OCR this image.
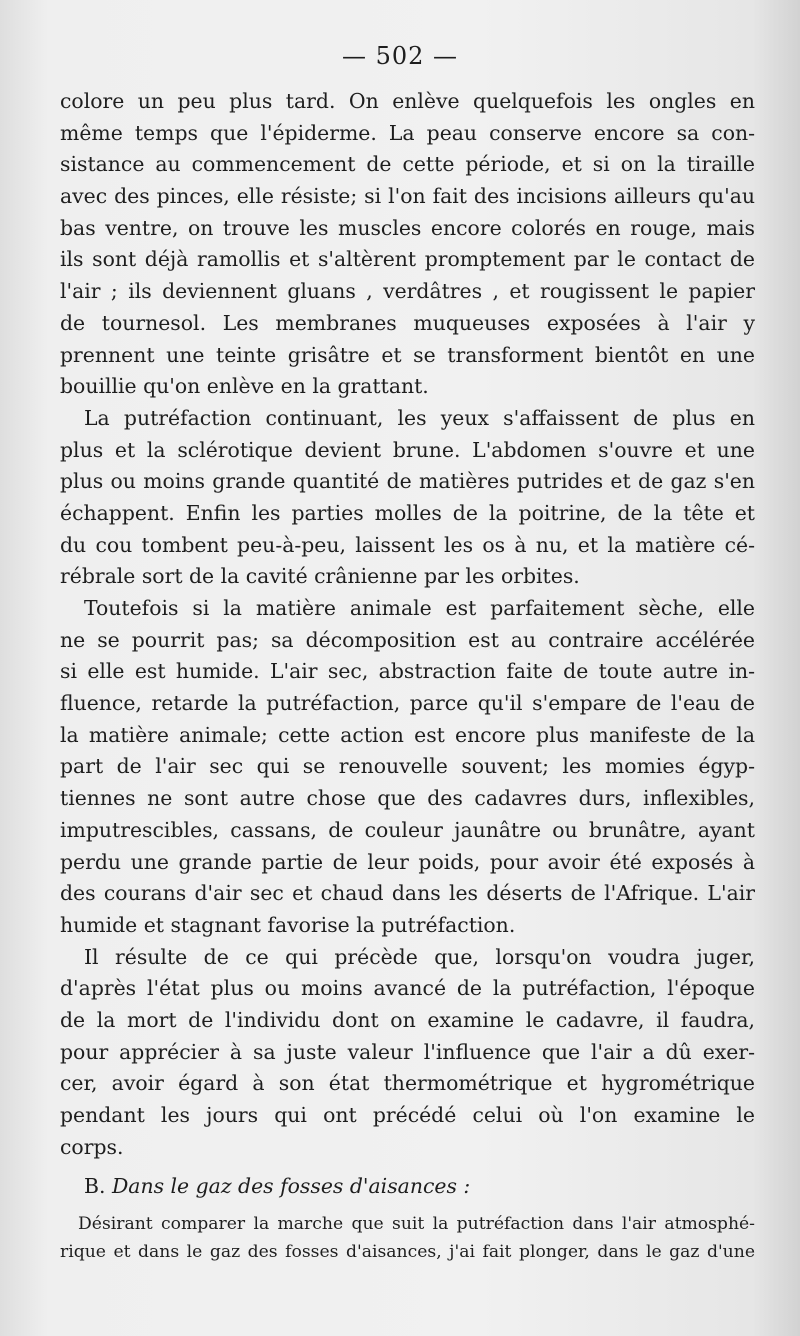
— 502 —
colore un peu plus tard. On enlève quelquefois les ongles en
même temps que l'épiderme. La peau conserve encore sa con-
sistance au commencement de cette période, et si on la tiraille
avec des pinces, elle résiste; si l'on fait des incisions ailleurs qu'au
bas ventre, on trouve les muscles encore colorés en rouge, mais
ils sont déjà ramollis et s'altèrent promptement par le contact de
l'air ; ils deviennent gluans , verdâtres , et rougissent le papier
de tournesol. Les membranes muqueuses exposées à l'air y
prennent une teinte grisâtre et se transforment bientôt en une
bouillie qu'on enlève en la grattant.
La putréfaction continuant, les yeux s'affaissent de plus en
plus et la sclérotique devient brune. L'abdomen s'ouvre et une
plus ou moins grande quantité de matières putrides et de gaz s'en
échappent. Enfin les parties molles de la poitrine, de la tête et
du cou tombent peu-à-peu, laissent les os à nu, et la matière cé-
rébrale sort de la cavité crânienne par les orbites.
Toutefois si la matière animale est parfaitement sèche, elle
ne se pourrit pas; sa décomposition est au contraire accélérée
si elle est humide. L'air sec, abstraction faite de toute autre in-
fluence, retarde la putréfaction, parce qu'il s'empare de l'eau de
la matière animale; cette action est encore plus manifeste de la
part de l'air sec qui se renouvelle souvent; les momies égyp-
tiennes ne sont autre chose que des cadavres durs, inflexibles,
imputrescibles, cassans, de couleur jaunâtre ou brunâtre, ayant
perdu une grande partie de leur poids, pour avoir été exposés à
des courans d'air sec et chaud dans les déserts de l'Afrique. L'air
humide et stagnant favorise la putréfaction.
Il résulte de ce qui précède que, lorsqu'on voudra juger,
d'après l'état plus ou moins avancé de la putréfaction, l'époque
de la mort de l'individu dont on examine le cadavre, il faudra,
pour apprécier à sa juste valeur l'influence que l'air a dû exer-
cer, avoir égard à son état thermométrique et hygrométrique
pendant les jours qui ont précédé celui où l'on examine le
corps.
B. Dans le gaz des fosses d'aisances :
Désirant comparer la marche que suit la putréfaction dans l'air atmosphé-
rique et dans le gaz des fosses d'aisances, j'ai fait plonger, dans le gaz d'une
